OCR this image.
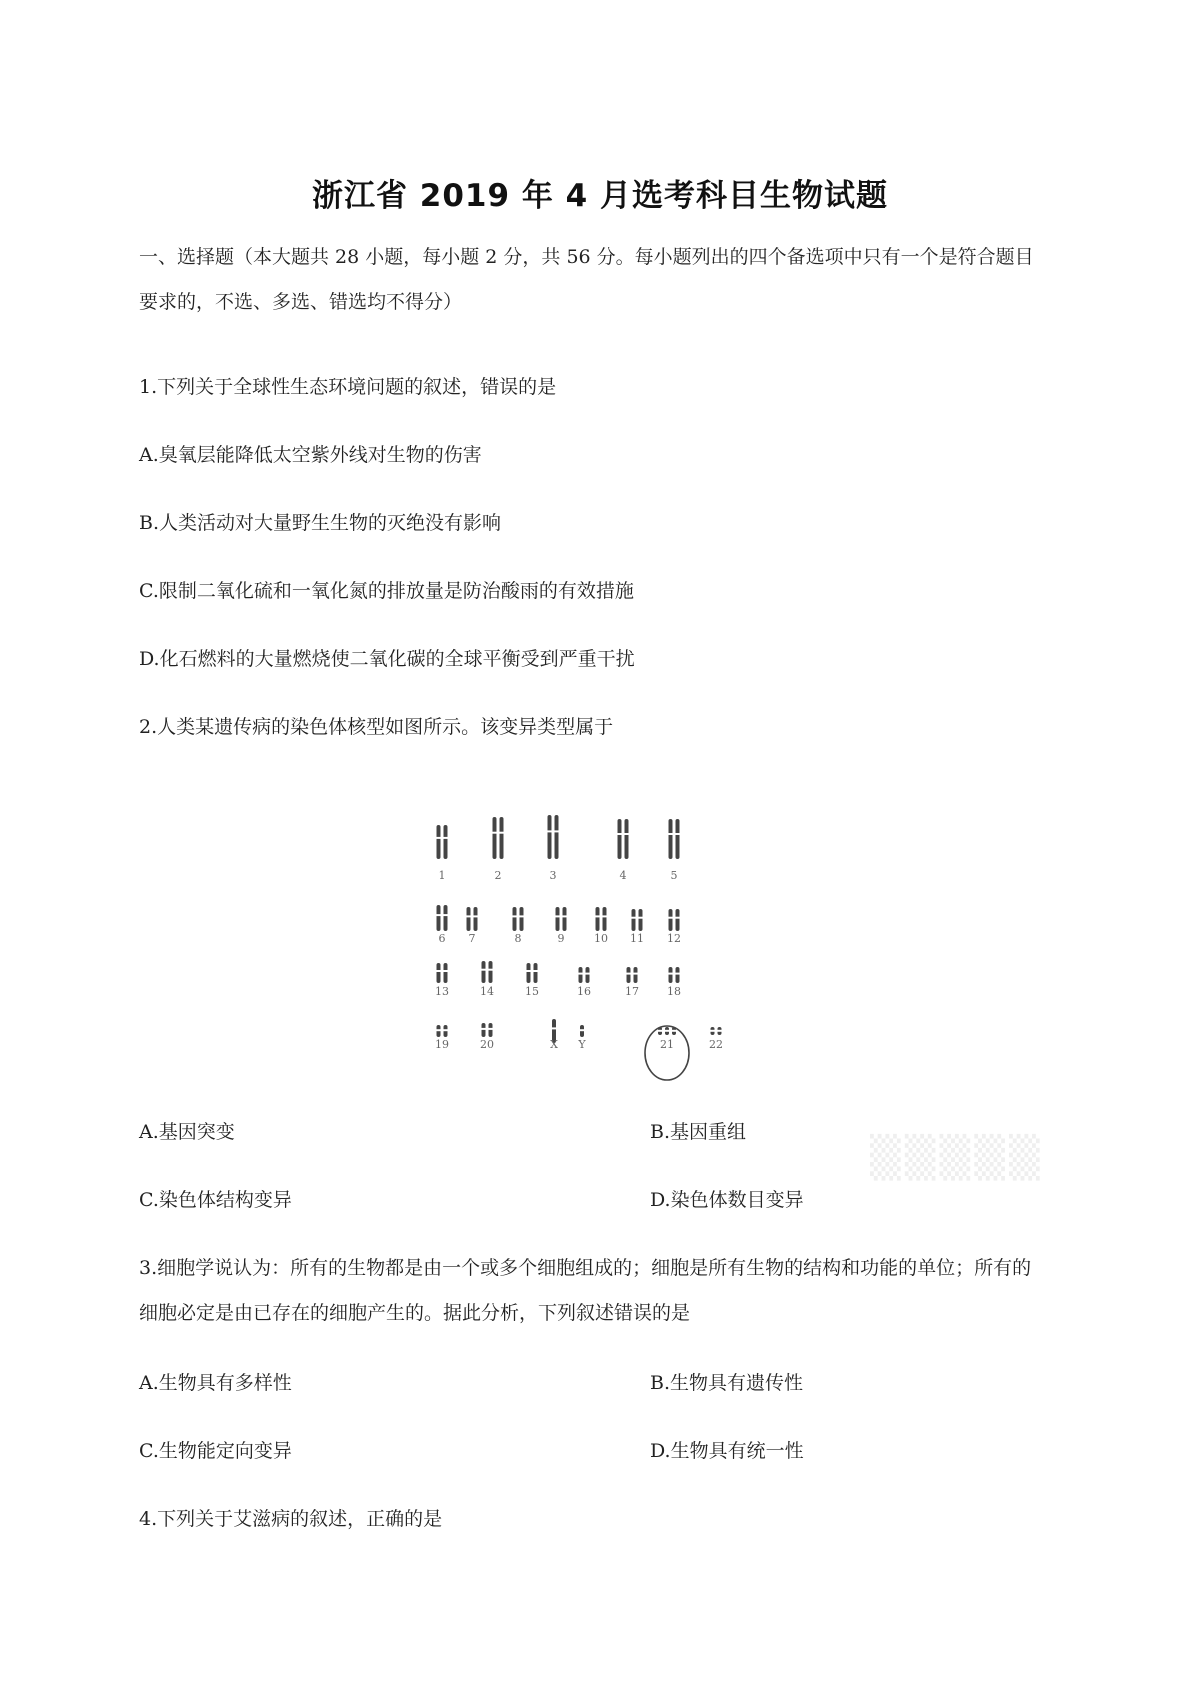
浙江省 2019 年 4 月选考科目生物试题
一、选择题（本大题共 28 小题，每小题 2 分，共 56 分。每小题列出的四个备选项中只有一个是符合题目要求的，不选、多选、错选均不得分）
1.下列关于全球性生态环境问题的叙述，错误的是
A.臭氧层能降低太空紫外线对生物的伤害
B.人类活动对大量野生生物的灭绝没有影响
C.限制二氧化硫和一氧化氮的排放量是防治酸雨的有效措施
D.化石燃料的大量燃烧使二氧化碳的全球平衡受到严重干扰
2.人类某遗传病的染色体核型如图所示。该变异类型属于
1	2	3	4	5
6 7	8	9	10 11 12
13	14	15	16	17	18
19	20	X Y	21	22
A.基因突变	B.基因重组
C.染色体结构变异	D.染色体数目变异
▒▒▒▒▒
3.细胞学说认为：所有的生物都是由一个或多个细胞组成的；细胞是所有生物的结构和功能的单位；所有的细胞必定是由已存在的细胞产生的。据此分析，下列叙述错误的是
A.生物具有多样性	B.生物具有遗传性
C.生物能定向变异	D.生物具有统一性
4.下列关于艾滋病的叙述，正确的是
